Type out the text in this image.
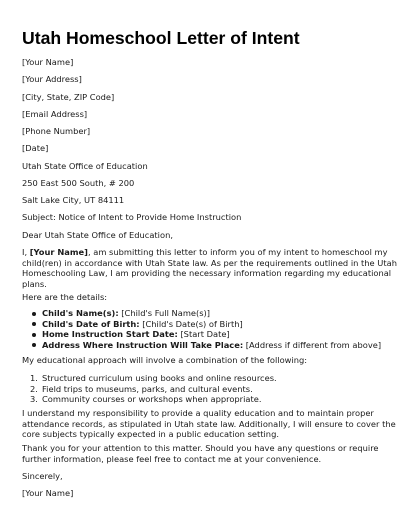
Utah Homeschool Letter of Intent

[Your Name]

[Your Address]

[City, State, ZIP Code]

[Email Address]

[Phone Number]

[Date]

Utah State Office of Education

250 East 500 South, # 200

Salt Lake City, UT 84111

Subject: Notice of Intent to Provide Home Instruction

Dear Utah State Office of Education,

I, [Your Name], am submitting this letter to inform you of my intent to homeschool my
child(ren) in accordance with Utah State law. As per the requirements outlined in the Utah
Homeschooling Law, I am providing the necessary information regarding my educational
plans.

Here are the details:

Child's Name(s): [Child's Full Name(s)]
Child's Date of Birth: [Child's Date(s) of Birth]
Home Instruction Start Date: [Start Date]
Address Where Instruction Will Take Place: [Address if different from above]

My educational approach will involve a combination of the following:

1. Structured curriculum using books and online resources.
2. Field trips to museums, parks, and cultural events.
3. Community courses or workshops when appropriate.
I understand my responsibility to provide a quality education and to maintain proper
attendance records, as stipulated in Utah state law. Additionally, I will ensure to cover the
core subjects typically expected in a public education setting.
Thank you for your attention to this matter. Should you have any questions or require
further information, please feel free to contact me at your convenience.

Sincerely,

[Your Name]
